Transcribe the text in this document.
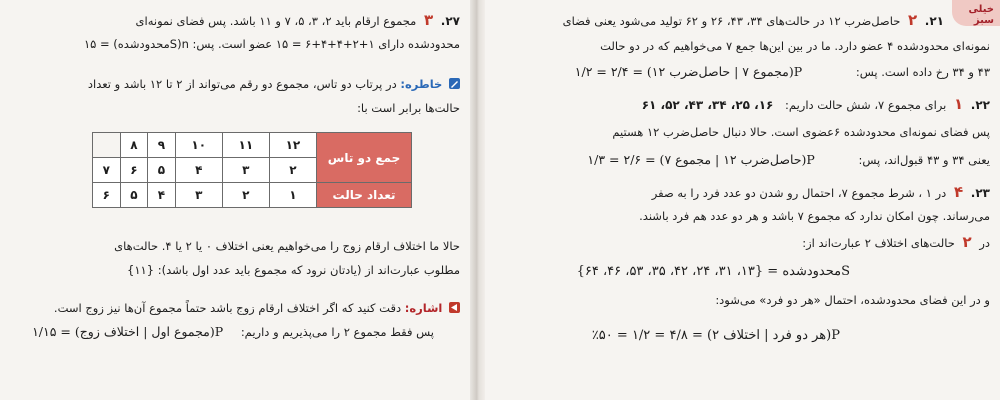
۲۷. ۳ مجموع ارقام باید ۲، ۳، ۵، ۷ و ۱۱ باشد. پس فضای نمونه‌ای
محدودشده دارای ۱+۲+۴+۴+۶ = ۱۵ عضو است. پس: n(Sمحدودشده) = ۱۵
خاطره: در پرتاب دو تاس، مجموع دو رقم می‌تواند از ۲ تا ۱۲ باشد و تعداد
حالت‌ها برابر است با:
جمع دو تاس	۱۲	۱۱	۱۰	۹	۸	
	۲	۳	۴	۵	۶	۷
تعداد حالت	۱	۲	۳	۴	۵	۶
حالا ما اختلاف ارقام زوج را می‌خواهیم یعنی اختلاف ۰ یا ۲ یا ۴. حالت‌های
مطلوب عبارت‌اند از (یادتان نرود که مجموع باید عدد اول باشد): {۱۱}
اشاره: دقت کنید که اگر اختلاف ارقام زوج باشد حتماً مجموع آن‌ها نیز زوج است.
پس فقط مجموع ۲ را می‌پذیریم و داریم: P(مجموع اول | اختلاف زوج) = ۱/۱۵
خیلی سبز
۲۱. ۲ حاصل‌ضرب ۱۲ در حالت‌های ۳۴، ۴۳، ۲۶ و ۶۲ تولید می‌شود یعنی فضای
نمونه‌ای محدودشده ۴ عضو دارد. ما در بین این‌ها جمع ۷ می‌خواهیم که در دو حالت
۴۳ و ۳۴ رخ داده است. پس: P(مجموع ۷ | حاصل‌ضرب ۱۲) = ۲/۴ = ۱/۲
۲۲. ۱ برای مجموع ۷، شش حالت داریم: ۱۶، ۲۵، ۳۴، ۴۳، ۵۲، ۶۱
پس فضای نمونه‌ای محدودشده ۶عضوی است. حالا دنبال حاصل‌ضرب ۱۲ هستیم
یعنی ۳۴ و ۴۳ قبول‌اند، پس: P(حاصل‌ضرب ۱۲ | مجموع ۷) = ۲/۶ = ۱/۳
۲۳. ۴ در ۱ ، شرط مجموع ۷، احتمال رو شدن دو عدد فرد را به صفر
می‌رساند. چون امکان ندارد که مجموع ۷ باشد و هر دو عدد هم فرد باشند.
در ۲ حالت‌های اختلاف ۲ عبارت‌اند از:
Sمحدودشده = {۱۳، ۳۱، ۲۴، ۴۲، ۳۵، ۵۳، ۴۶، ۶۴}
و در این فضای محدودشده، احتمال «هر دو فرد» می‌شود:
P(هر دو فرد | اختلاف ۲) = ۴/۸ = ۱/۲ = ۵۰٪
